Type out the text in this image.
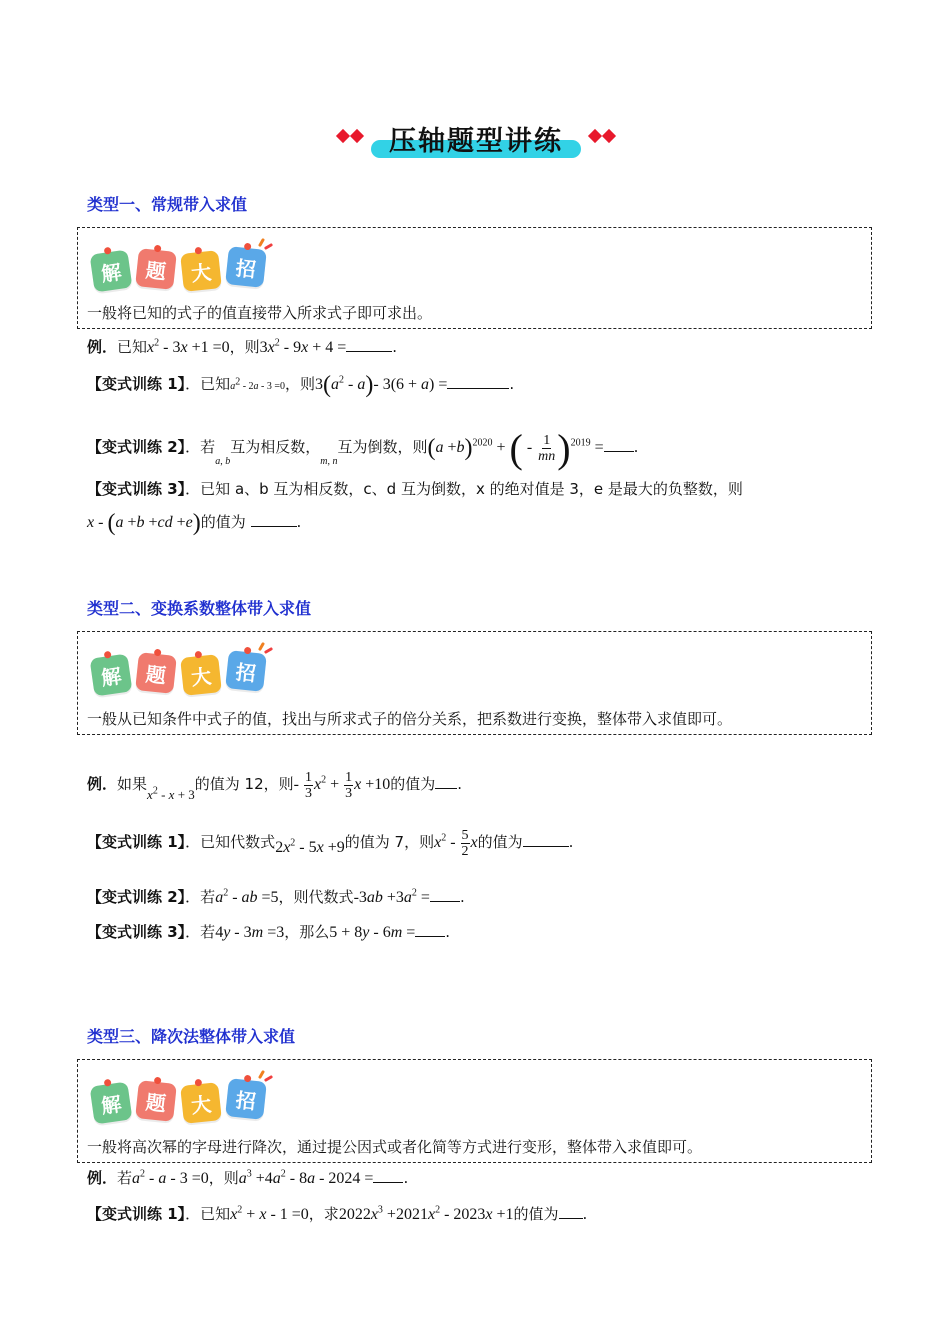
压轴题型讲练
类型一、常规带入求值
解 题 大 招
一般将已知的式子的值直接带入所求式子即可求出。
例．已知$x^2 - 3x +1 =0$，则$3x^2 - 9x + 4$ =	.
【变式训练 1】．已知$a^2 - 2a - 3 =0$，则$3(a^2 - a)-$ 3(6 + a) =	.
【变式训练 2】．若$_{a, b}$互为相反数，$_{m, n}$互为倒数，则$(a +b)^{2020}$ + ( - $\frac{1}{mn} )^{2019}$ = .
【变式训练 3】．已知 a、b 互为相反数，c、d 互为倒数，x 的绝对值是 3，e 是最大的负整数，则
x - (a +b +cd +e)的值为	.
类型二、变换系数整体带入求值
解 题 大 招
一般从已知条件中式子的值，找出与所求式子的倍分关系，把系数进行变换，整体带入求值即可。
例．如果$x^2 - x + 3$的值为 12，则- $\frac{1}{3} x^2 + \frac{1}{3}$ x +10的值为 .
【变式训练 1】．已知代数式$2x^2 - 5x +9$的值为 7，则$x^2 - \frac{5}{2}$ x的值为	.
【变式训练 2】．若$a^2$ - ab =5，则代数式$-3ab +3a^2$ = .
【变式训练 3】．若4y - 3m =3，那么5 + 8y - 6m = .
类型三、降次法整体带入求值
解 题 大 招
一般将高次幂的字母进行降次，通过提公因式或者化简等方式进行变形，整体带入求值即可。
例．若$a^2 - a - 3 =0$，则$a^3 +4a^2 - 8a - 2024$ = .
【变式训练 1】．已知$x^2 + x - 1 =0$，求$2022x^3 +2021x^2 - 2023x +1$的值为 .
